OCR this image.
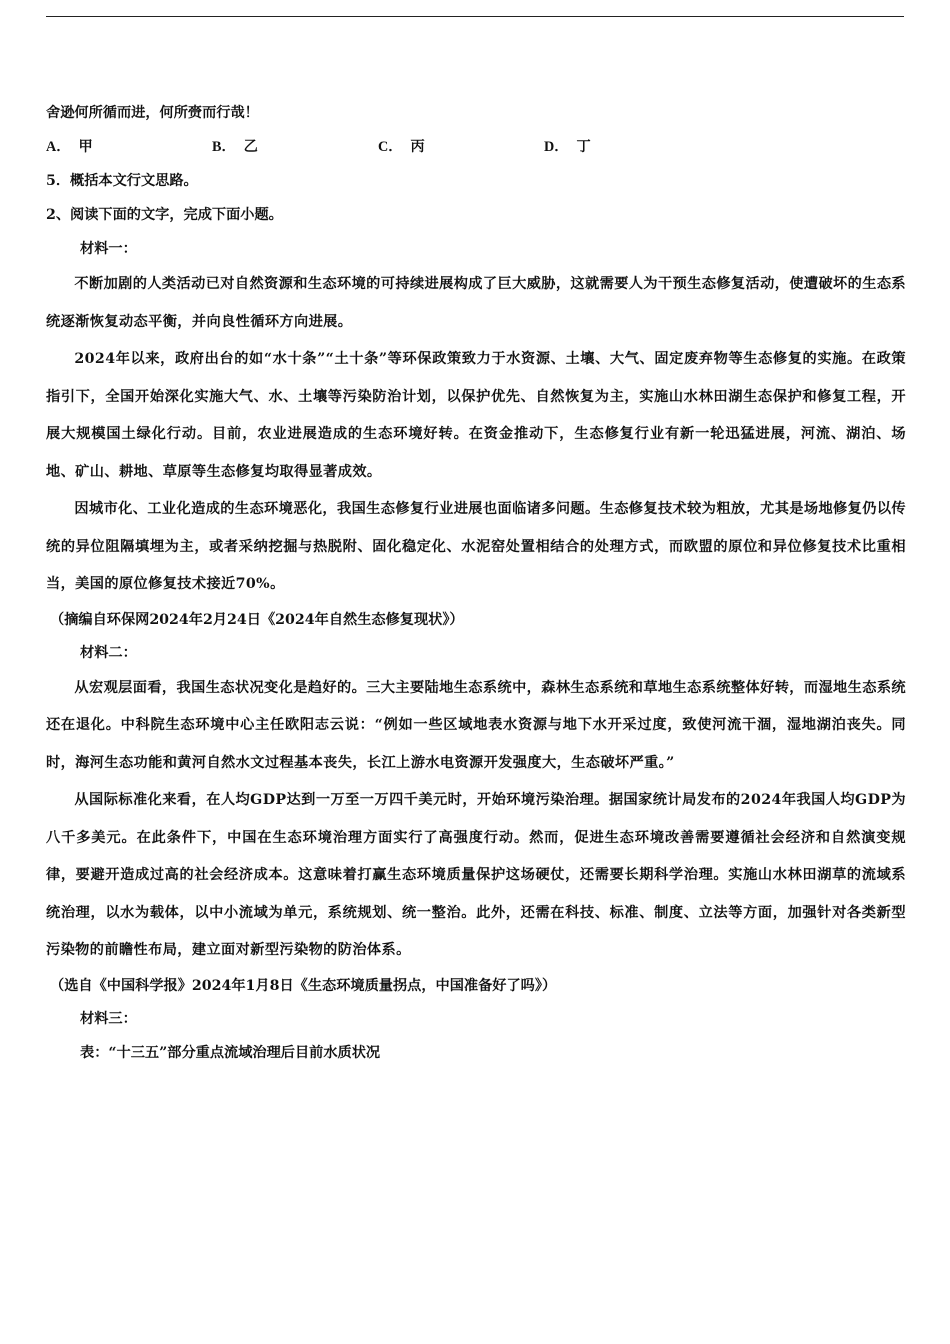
舍逊何所循而进，何所赍而行哉！
A． 甲	B． 乙	C． 丙	D． 丁
5．概括本文行文思路。
2、阅读下面的文字，完成下面小题。
材料一：

不断加剧的人类活动已对自然资源和生态环境的可持续进展构成了巨大威胁，这就需要人为干预生态修复活动，使遭破坏的生态系统逐渐恢复动态平衡，并向良性循环方向进展。

2024年以来，政府出台的如“水十条”“土十条”等环保政策致力于水资源、土壤、大气、固定废弃物等生态修复的实施。在政策指引下，全国开始深化实施大气、水、土壤等污染防治计划，以保护优先、自然恢复为主，实施山水林田湖生态保护和修复工程，开展大规模国土绿化行动。目前，农业进展造成的生态环境好转。在资金推动下，生态修复行业有新一轮迅猛进展，河流、湖泊、场地、矿山、耕地、草原等生态修复均取得显著成效。

因城市化、工业化造成的生态环境恶化，我国生态修复行业进展也面临诸多问题。生态修复技术较为粗放，尤其是场地修复仍以传统的异位阻隔填埋为主，或者采纳挖掘与热脱附、固化稳定化、水泥窑处置相结合的处理方式，而欧盟的原位和异位修复技术比重相当，美国的原位修复技术接近70%。

（摘编自环保网2024年2月24日《2024年自然生态修复现状》）
材料二：

从宏观层面看，我国生态状况变化是趋好的。三大主要陆地生态系统中，森林生态系统和草地生态系统整体好转，而湿地生态系统还在退化。中科院生态环境中心主任欧阳志云说：“例如一些区域地表水资源与地下水开采过度，致使河流干涸，湿地湖泊丧失。同时，海河生态功能和黄河自然水文过程基本丧失，长江上游水电资源开发强度大，生态破坏严重。”

从国际标准化来看，在人均GDP达到一万至一万四千美元时，开始环境污染治理。据国家统计局发布的2024年我国人均GDP为八千多美元。在此条件下，中国在生态环境治理方面实行了高强度行动。然而，促进生态环境改善需要遵循社会经济和自然演变规律，要避开造成过高的社会经济成本。这意味着打赢生态环境质量保护这场硬仗，还需要长期科学治理。实施山水林田湖草的流域系统治理，以水为载体，以中小流域为单元，系统规划、统一整治。此外，还需在科技、标准、制度、立法等方面，加强针对各类新型污染物的前瞻性布局，建立面对新型污染物的防治体系。

（选自《中国科学报》2024年1月8日《生态环境质量拐点，中国准备好了吗》）
材料三：
表：“十三五”部分重点流域治理后目前水质状况
